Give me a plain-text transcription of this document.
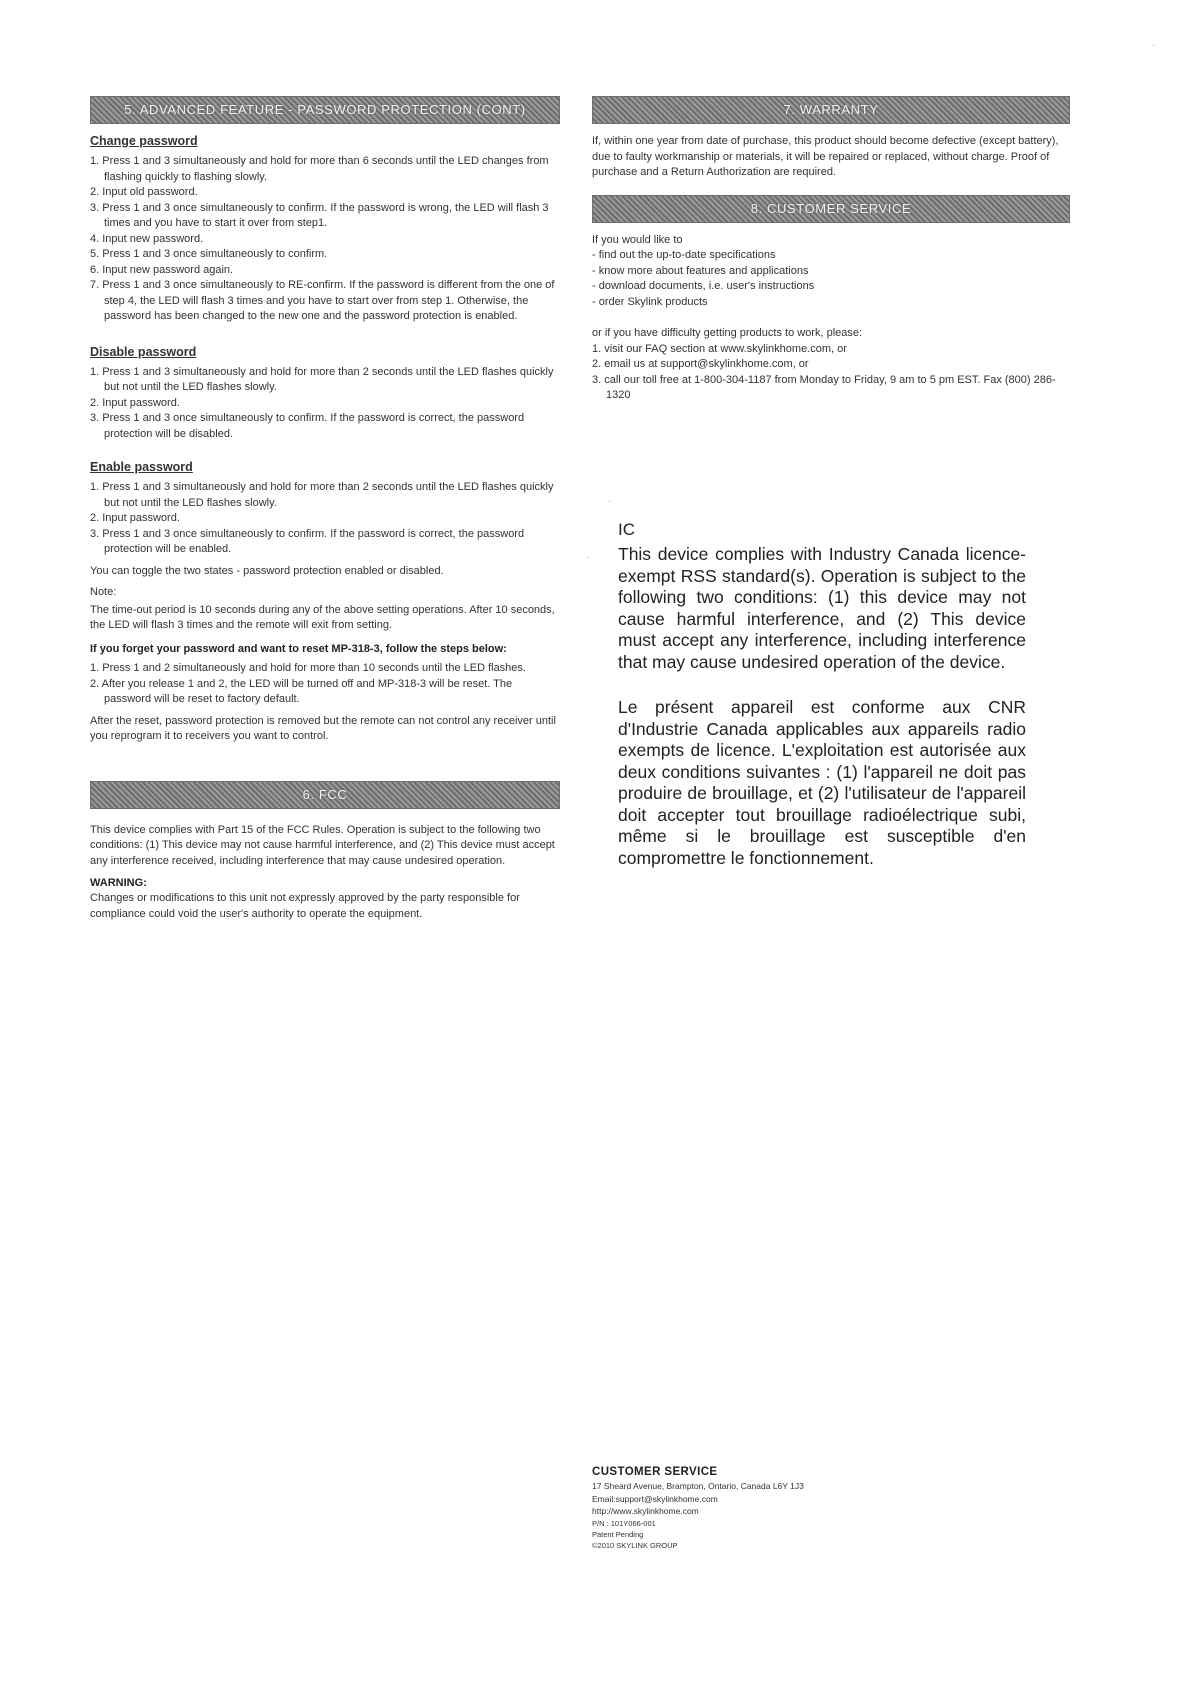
5. ADVANCED FEATURE - PASSWORD PROTECTION (CONT)
Change password
1. Press 1 and 3 simultaneously and hold for more than 6 seconds until the LED changes from flashing quickly to flashing slowly.
2. Input old password.
3. Press 1 and 3 once simultaneously to confirm. If the password is wrong, the LED will flash 3 times and you have to start it over from step1.
4. Input new password.
5. Press 1 and 3 once simultaneously to confirm.
6. Input new password again.
7. Press 1 and 3 once simultaneously to RE-confirm. If the password is different from the one of step 4, the LED will flash 3 times and you have to start over from step 1. Otherwise, the password has been changed to the new one and the password protection is enabled.
Disable password
1. Press 1 and 3 simultaneously and hold for more than 2 seconds until the LED flashes quickly but not until the LED flashes slowly.
2. Input password.
3. Press 1 and 3 once simultaneously to confirm. If the password is correct, the password protection will be disabled.
Enable password
1. Press 1 and 3 simultaneously and hold for more than 2 seconds until the LED flashes quickly but not until the LED flashes slowly.
2. Input password.
3. Press 1 and 3 once simultaneously to confirm. If the password is correct, the password protection will be enabled.

You can toggle the two states - password protection enabled or disabled.

Note:

The time-out period is 10 seconds during any of the above setting operations. After 10 seconds, the LED will flash 3 times and the remote will exit from setting.

If you forget your password and want to reset MP-318-3, follow the steps below:
1. Press 1 and 2 simultaneously and hold for more than 10 seconds until the LED flashes.
2. After you release 1 and 2, the LED will be turned off and MP-318-3 will be reset. The password will be reset to factory default.

After the reset, password protection is removed but the remote can not control any receiver until you reprogram it to receivers you want to control.

6. FCC

This device complies with Part 15 of the FCC Rules. Operation is subject to the following two conditions: (1) This device may not cause harmful interference, and (2) This device must accept any interference received, including interference that may cause undesired operation.

WARNING:

Changes or modifications to this unit not expressly approved by the party responsible for compliance could void the user's authority to operate the equipment.

7. WARRANTY

If, within one year from date of purchase, this product should become defective (except battery), due to faulty workmanship or materials, it will be repaired or replaced, without charge. Proof of purchase and a Return Authorization are required.

8. CUSTOMER SERVICE

If you would like to

- find out the up-to-date specifications
- know more about features and applications
- download documents, i.e. user's instructions
- order Skylink products

or if you have difficulty getting products to work, please:

1. visit our FAQ section at www.skylinkhome.com, or
2. email us at support@skylinkhome.com, or
3. call our toll free at 1-800-304-1187 from Monday to Friday, 9 am to 5 pm EST. Fax (800) 286-1320
IC

This device complies with Industry Canada licence-exempt RSS standard(s). Operation is subject to the following two conditions: (1) this device may not cause harmful interference, and (2) This device must accept any interference, including interference that may cause undesired operation of the device.

Le présent appareil est conforme aux CNR d'Industrie Canada applicables aux appareils radio exempts de licence. L'exploitation est autorisée aux deux conditions suivantes : (1) l'appareil ne doit pas produire de brouillage, et (2) l'utilisateur de l'appareil doit accepter tout brouillage radioélectrique subi, même si le brouillage est susceptible d'en compromettre le fonctionnement.

CUSTOMER SERVICE

17 Sheard Avenue, Brampton, Ontario, Canada L6Y 1J3

Email:support@skylinkhome.com

http://www.skylinkhome.com

P/N : 101Y066-001

Patent Pending

©2010 SKYLINK GROUP

·
·
·
